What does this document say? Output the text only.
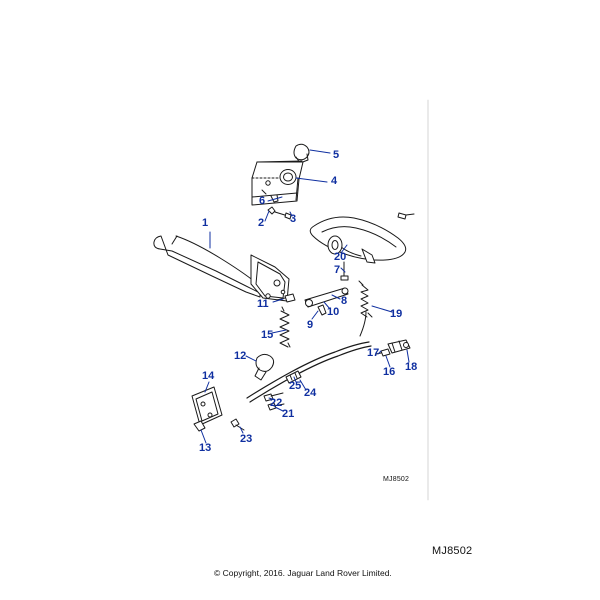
1	2 3
4
5
6
7
8
9
10
11
12
13
14
15
16
17
18
19
20
21
22
23
24
25
MJ8502
MJ8502
© Copyright, 2016. Jaguar Land Rover Limited.
